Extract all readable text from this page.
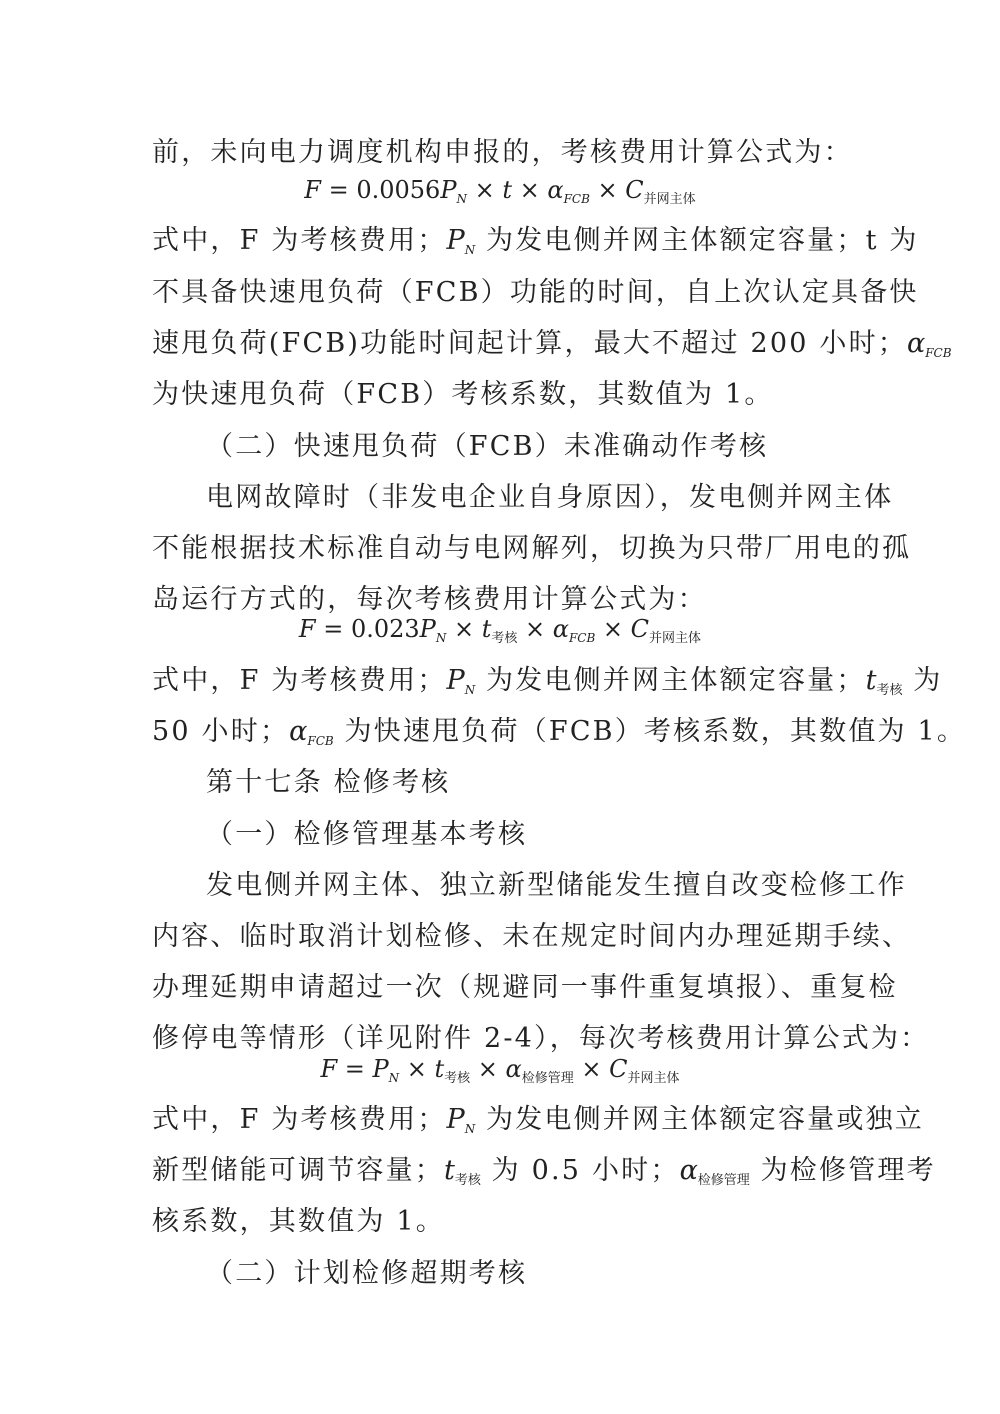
前，未向电力调度机构申报的，考核费用计算公式为：
$F = 0.0056P_N \times t \times \alpha_{FCB} \times C_{并网主体}$
式中，F 为考核费用；$P_N$ 为发电侧并网主体额定容量；t 为
不具备快速甩负荷（FCB）功能的时间，自上次认定具备快
速甩负荷(FCB)功能时间起计算，最大不超过 200 小时；$\alpha_{FCB}$
为快速甩负荷（FCB）考核系数，其数值为 1。
（二）快速甩负荷（FCB）未准确动作考核
电网故障时（非发电企业自身原因），发电侧并网主体
不能根据技术标准自动与电网解列，切换为只带厂用电的孤
岛运行方式的，每次考核费用计算公式为：
$F = 0.023P_N \times t_{考核} \times \alpha_{FCB} \times C_{并网主体}$
式中，F 为考核费用；$P_N$ 为发电侧并网主体额定容量；$t_{考核}$ 为
50 小时；$\alpha_{FCB}$ 为快速甩负荷（FCB）考核系数，其数值为 1。
第十七条 检修考核
（一）检修管理基本考核
发电侧并网主体、独立新型储能发生擅自改变检修工作
内容、临时取消计划检修、未在规定时间内办理延期手续、
办理延期申请超过一次（规避同一事件重复填报）、重复检
修停电等情形（详见附件 2-4），每次考核费用计算公式为：
$F = P_N \times t_{考核} \times \alpha_{检修管理} \times C_{并网主体}$
式中，F 为考核费用；$P_N$ 为发电侧并网主体额定容量或独立
新型储能可调节容量；$t_{考核}$ 为 0.5 小时；$\alpha_{检修管理}$ 为检修管理考
核系数，其数值为 1。
（二）计划检修超期考核
